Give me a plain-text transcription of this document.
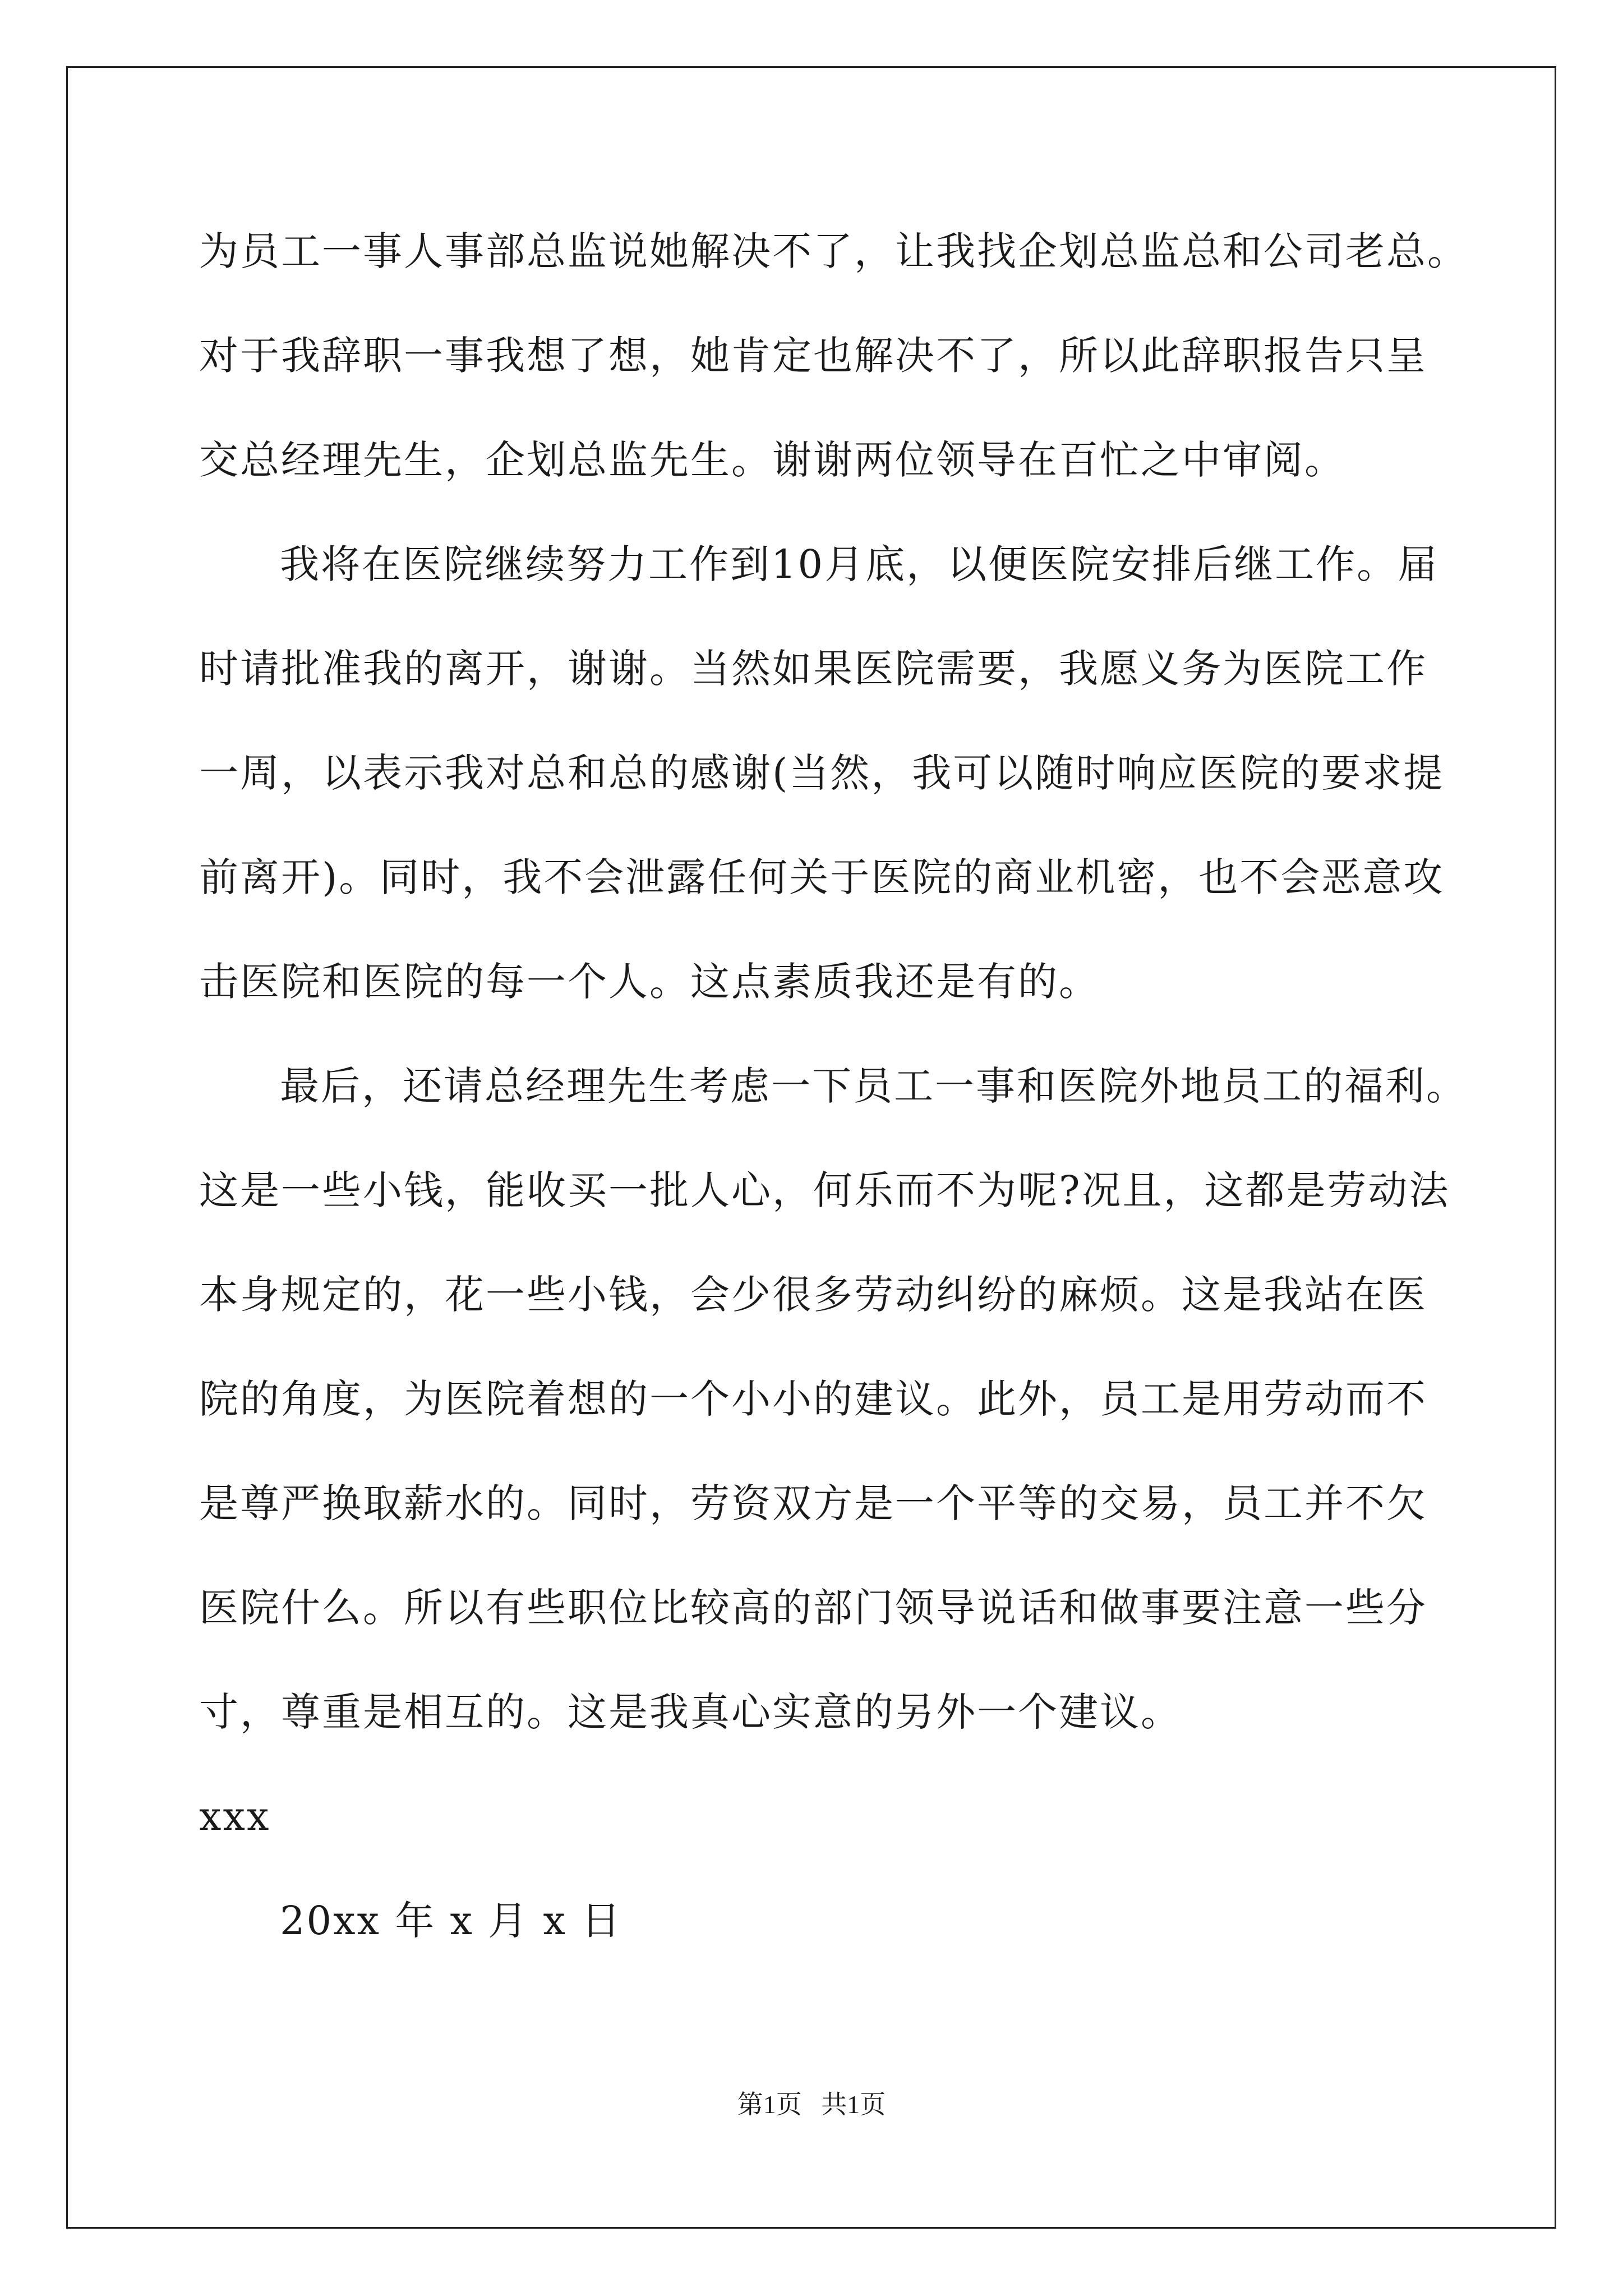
为员工一事人事部总监说她解决不了，让我找企划总监总和公司老总。
对于我辞职一事我想了想，她肯定也解决不了，所以此辞职报告只呈
交总经理先生，企划总监先生。谢谢两位领导在百忙之中审阅。
我将在医院继续努力工作到10月底，以便医院安排后继工作。届
时请批准我的离开，谢谢。当然如果医院需要，我愿义务为医院工作
一周，以表示我对总和总的感谢(当然，我可以随时响应医院的要求提
前离开)。同时，我不会泄露任何关于医院的商业机密，也不会恶意攻
击医院和医院的每一个人。这点素质我还是有的。
最后，还请总经理先生考虑一下员工一事和医院外地员工的福利。
这是一些小钱，能收买一批人心，何乐而不为呢?况且，这都是劳动法
本身规定的，花一些小钱，会少很多劳动纠纷的麻烦。这是我站在医
院的角度，为医院着想的一个小小的建议。此外，员工是用劳动而不
是尊严换取薪水的。同时，劳资双方是一个平等的交易，员工并不欠
医院什么。所以有些职位比较高的部门领导说话和做事要注意一些分
寸，尊重是相互的。这是我真心实意的另外一个建议。
xxx
20xx 年 x 月 x 日
第1页   共1页
